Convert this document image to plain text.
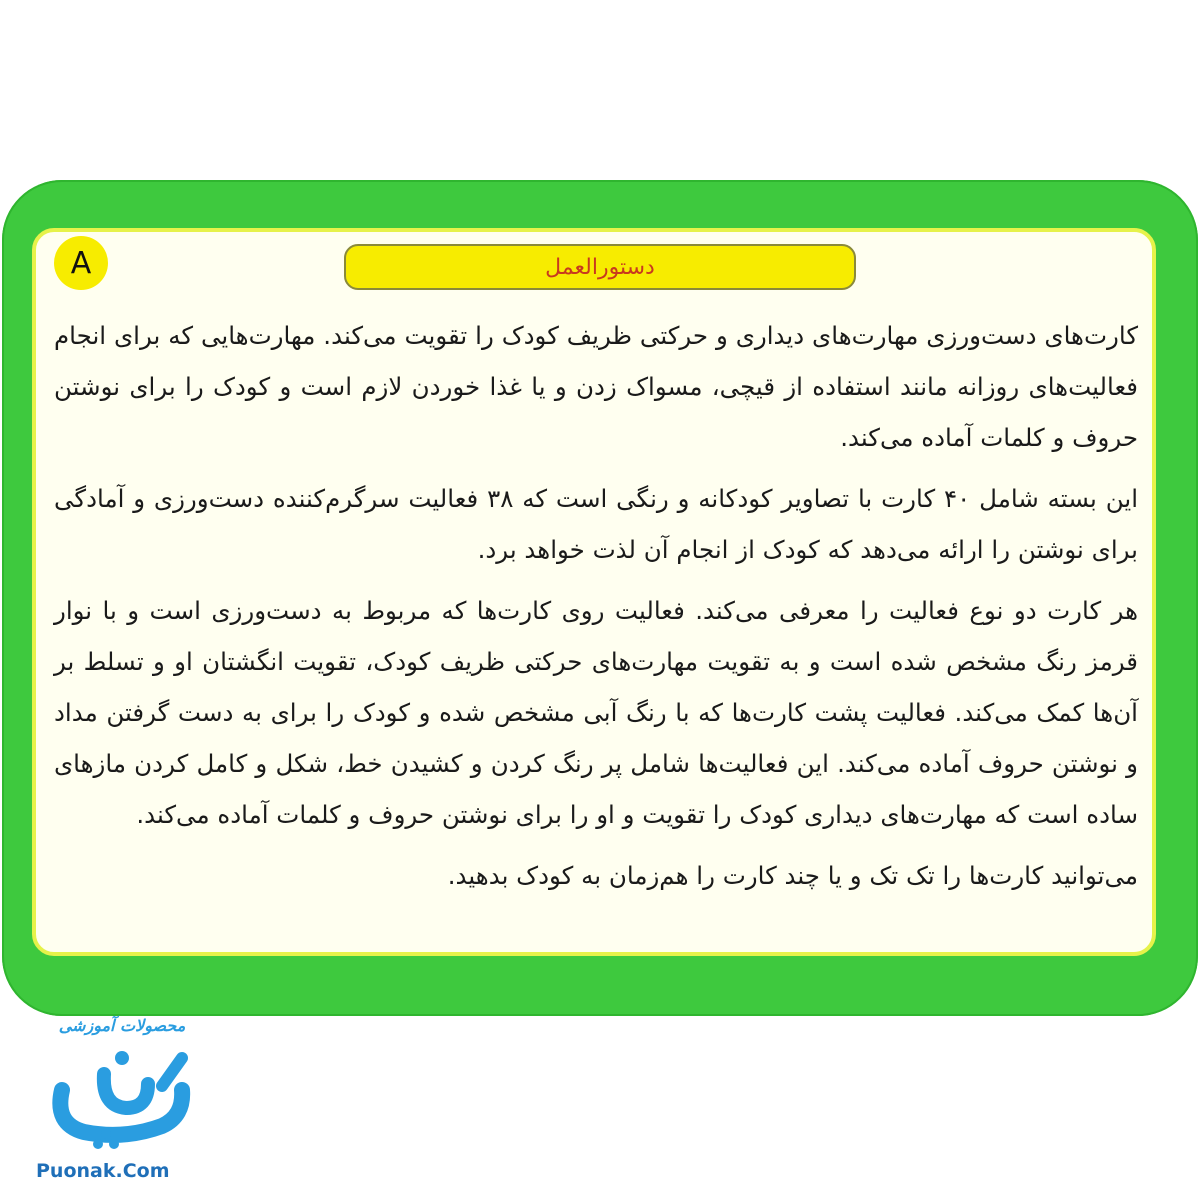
A	دستورالعمل

کارت‌های دست‌ورزی مهارت‌های دیداری و حرکتی ظریف کودک را تقویت می‌کند. مهارت‌هایی که برای انجام فعالیت‌های روزانه مانند استفاده از قیچی، مسواک زدن و یا غذا خوردن لازم است و کودک را برای نوشتن حروف و کلمات آماده می‌کند.

این بسته شامل ۴۰ کارت با تصاویر کودکانه و رنگی است که ۳۸ فعالیت سرگرم‌کننده دست‌ورزی و آمادگی برای نوشتن را ارائه می‌دهد که کودک از انجام آن لذت خواهد برد.

هر کارت دو نوع فعالیت را معرفی می‌کند. فعالیت روی کارت‌ها که مربوط به دست‌ورزی است و با نوار قرمز رنگ مشخص شده است و به تقویت مهارت‌های حرکتی ظریف کودک، تقویت انگشتان او و تسلط بر آن‌ها کمک می‌کند. فعالیت پشت کارت‌ها که با رنگ آبی مشخص شده و کودک را برای به دست گرفتن مداد و نوشتن حروف آماده می‌کند. این فعالیت‌ها شامل پر رنگ کردن و کشیدن خط، شکل و کامل کردن مازهای ساده است که مهارت‌های دیداری کودک را تقویت و او را برای نوشتن حروف و کلمات آماده می‌کند.

می‌توانید کارت‌ها را تک تک و یا چند کارت را هم‌زمان به کودک بدهید.

محصولات آموزشی
Puonak.Com
